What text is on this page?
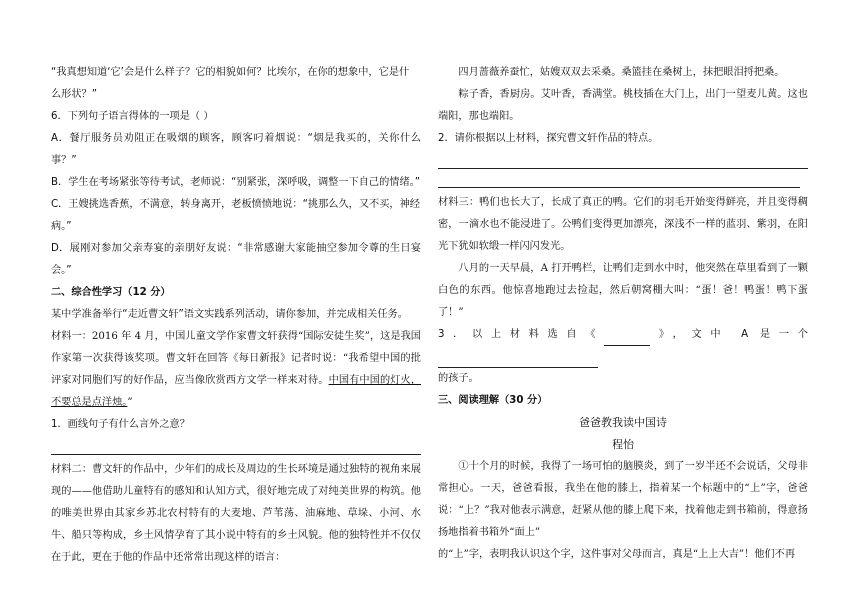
“我真想知道‘它’会是什么样子？它的相貌如何？比埃尔，在你的想象中，它是什

么形状？”

6．下列句子语言得体的一项是（ ）

A．餐厅服务员劝阻正在吸烟的顾客，顾客叼着烟说：“烟是我买的，关你什么事？”

B．学生在考场紧张等待考试，老师说：“别紧张，深呼吸，调整一下自己的情绪。”

C．王嫂挑选香蕉，不满意，转身离开，老板愤愤地说：“挑那么久，又不买，神经

病。”

D．展刚对参加父亲寿宴的亲朋好友说：“非常感谢大家能抽空参加令尊的生日宴会。”

二、综合性学习（12 分）

某中学准备举行“走近曹文轩”语文实践系列活动，请你参加，并完成相关任务。

材料一：2016 年 4 月，中国儿童文学作家曹文轩获得“国际安徒生奖”，这是我国作家第一次获得该奖项。曹文轩在回答《每日新报》记者时说：“我希望中国的批评家对同胞们写的好作品，应当像欣赏西方文学一样来对待。中国有中国的灯火，不要总是点洋烛。”

1．画线句子有什么言外之意？

材料二：曹文轩的作品中，少年们的成长及周边的生长环境是通过独特的视角来展现的——他借助儿童特有的感知和认知方式，很好地完成了对纯美世界的构筑。他的唯美世界由其家乡苏北农村特有的大麦地、芦苇荡、油麻地、草垛、小河、水牛、船只等构成，乡土风情孕育了其小说中特有的乡土风貌。他的独特性并不仅仅在于此，更在于他的作品中还常常出现这样的语言：

四月蔷薇养蚕忙，姑嫂双双去采桑。桑篮挂在桑树上，抹把眼泪捋把桑。

粽子香，香厨房。艾叶香，香满堂。桃枝插在大门上，出门一望麦儿黄。这也端阳，那也端阳。

2．请你根据以上材料，探究曹文轩作品的特点。

材料三：鸭们也长大了，长成了真正的鸭。它们的羽毛开始变得鲜亮，并且变得稠密，一滴水也不能浸进了。公鸭们变得更加漂亮，深浅不一样的蓝羽、紫羽，在阳光下犹如软缎一样闪闪发光。

八月的一天早晨，A 打开鸭栏，让鸭们走到水中时，他突然在草里看到了一颗白色的东西。他惊喜地跑过去捡起，然后朝窝棚大叫：“蛋！爸！鸭蛋！鸭下蛋了！”

3．以上材料选自《	》，文中 A 是一个

的孩子。

三、阅读理解（30 分）

爸爸教我读中国诗

程怡

①十个月的时候，我得了一场可怕的脑膜炎，到了一岁半还不会说话，父母非常担心。一天，爸爸看报，我坐在他的膝上，指着某一个标题中的“上”字，爸爸说：“上？”我对他表示满意，赶紧从他的膝上爬下来，找着他走到书箱前，得意扬扬地指着书箱外“面上”

的“上”字，表明我认识这个字，这件事对父母而言，真是“上上大吉”！他们不再
